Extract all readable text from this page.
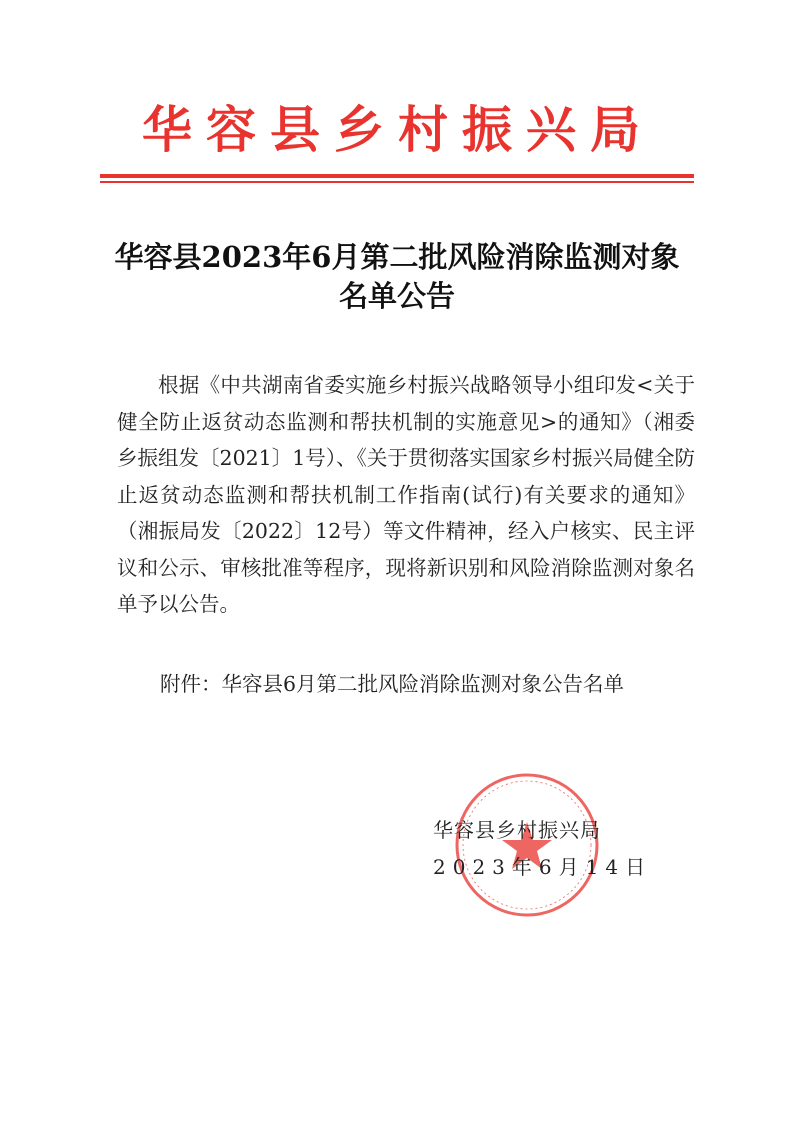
华容县乡村振兴局
华容县2023年6月第二批风险消除监测对象
名单公告
根据《中共湖南省委实施乡村振兴战略领导小组印发<关于健全防止返贫动态监测和帮扶机制的实施意见>的通知》（湘委乡振组发〔2021〕1号）、《关于贯彻落实国家乡村振兴局健全防止返贫动态监测和帮扶机制工作指南(试行)有关要求的通知》（湘振局发〔2022〕12号）等文件精神，经入户核实、民主评议和公示、审核批准等程序，现将新识别和风险消除监测对象名单予以公告。
附件：华容县6月第二批风险消除监测对象公告名单
华容县乡村振兴局
2023年6月14日
